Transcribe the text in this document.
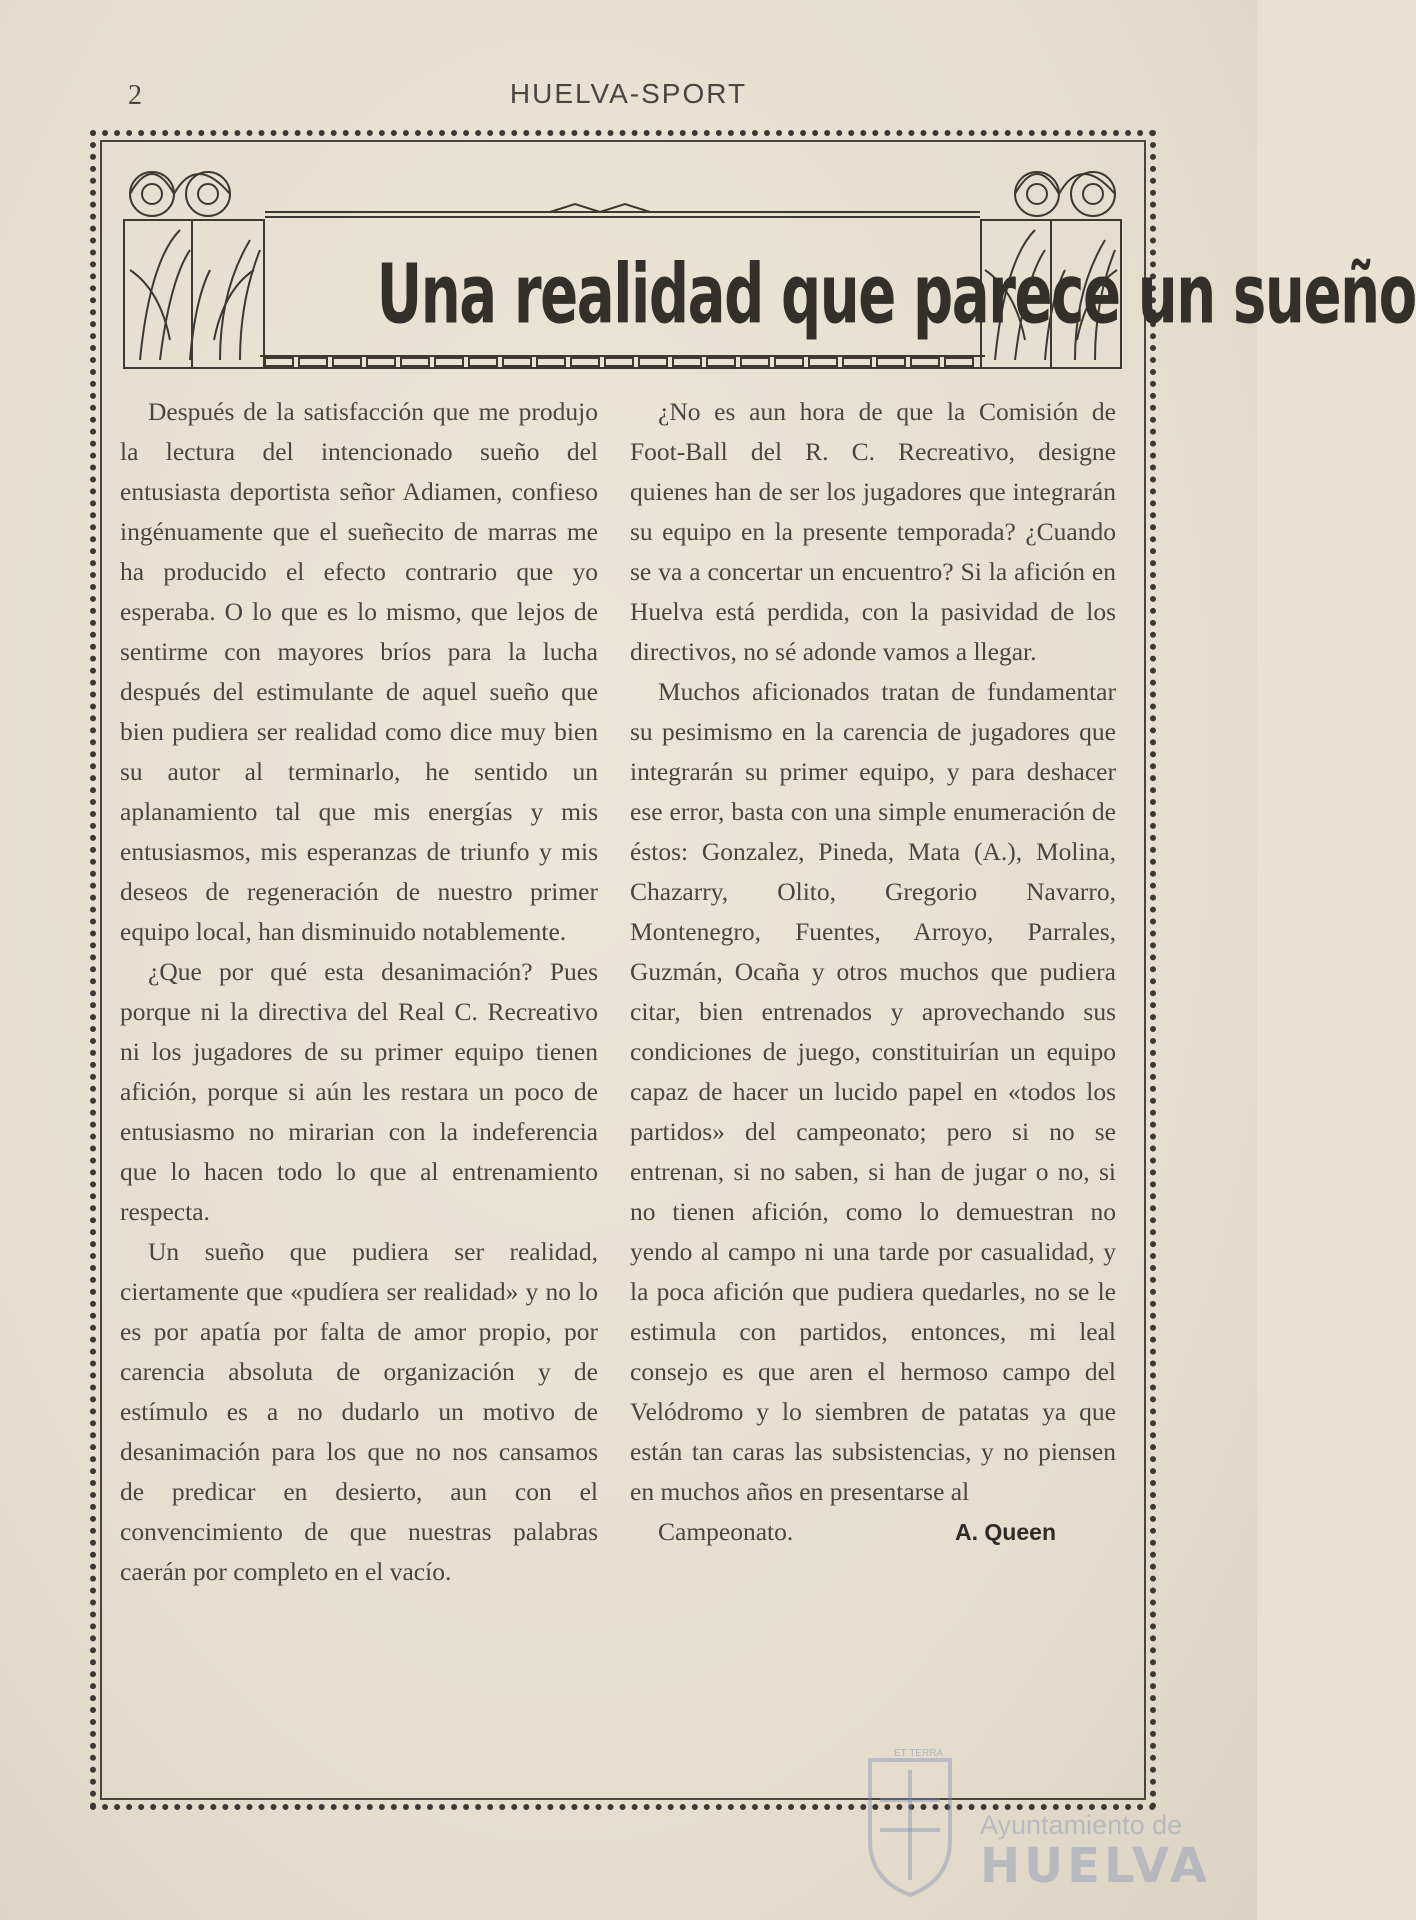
2	HUELVA-SPORT
Una realidad que parece un sueño

Después de la satisfacción que me produjo la lectura del intencionado sueño del entusiasta deportista señor Adiamen, confieso ingénuamente que el sueñecito de marras me ha producido el efecto contrario que yo esperaba. O lo que es lo mismo, que lejos de sentirme con mayores bríos para la lucha después del estimulante de aquel sueño que bien pudiera ser realidad como dice muy bien su autor al terminarlo, he sentido un aplanamiento tal que mis energías y mis entusiasmos, mis esperanzas de triunfo y mis deseos de regeneración de nuestro primer equipo local, han disminuido notablemente.

¿Que por qué esta desanimación? Pues porque ni la directiva del Real C. Recreativo ni los jugadores de su primer equipo tienen afición, porque si aún les restara un poco de entusiasmo no mirarian con la indeferencia que lo hacen todo lo que al entrenamiento respecta.

Un sueño que pudiera ser realidad, ciertamente que «pudíera ser realidad» y no lo es por apatía por falta de amor propio, por carencia absoluta de organización y de estímulo es a no dudarlo un motivo de desanimación para los que no nos cansamos de predicar en desierto, aun con el convencimiento de que nuestras palabras caerán por completo en el vacío.

¿No es aun hora de que la Comisión de Foot-Ball del R. C. Recreativo, designe quienes han de ser los jugadores que integrarán su equipo en la presente temporada? ¿Cuando se va a concertar un encuentro? Si la afición en Huelva está perdida, con la pasividad de los directivos, no sé adonde vamos a llegar.

Muchos aficionados tratan de fundamentar su pesimismo en la carencia de jugadores que integrarán su primer equipo, y para deshacer ese error, basta con una simple enumeración de éstos: Gonzalez, Pineda, Mata (A.), Molina, Chazarry, Olito, Gregorio Navarro, Montenegro, Fuentes, Arroyo, Parrales, Guzmán, Ocaña y otros muchos que pudiera citar, bien entrenados y aprovechando sus condiciones de juego, constituirían un equipo capaz de hacer un lucido papel en «todos los partidos» del campeonato; pero si no se entrenan, si no saben, si han de jugar o no, si no tienen afición, como lo demuestran no yendo al campo ni una tarde por casualidad, y la poca afición que pudiera quedarles, no se le estimula con partidos, entonces, mi leal consejo es que aren el hermoso campo del Velódromo y lo siembren de patatas ya que están tan caras las subsistencias, y no piensen en muchos años en presentarse al

Campeonato.	A. Queen

ET TERRA
Ayuntamiento de
HUELVA
